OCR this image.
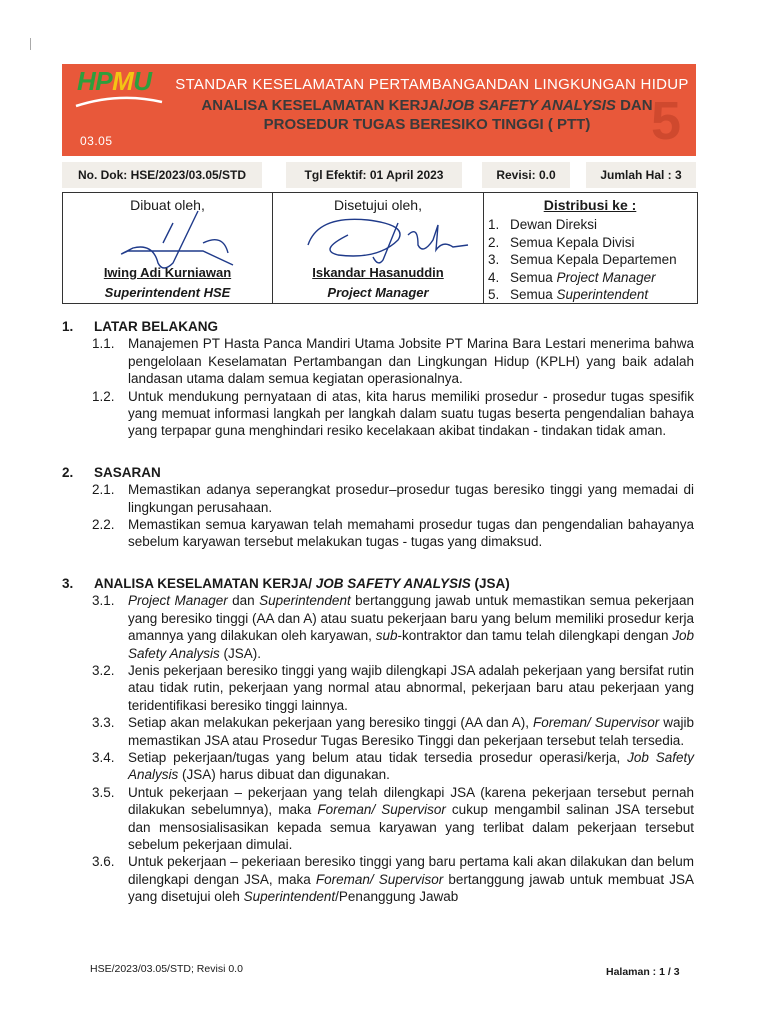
HPMU
03.05
STANDAR KESELAMATAN PERTAMBANGANDAN LINGKUNGAN HIDUP
ANALISA KESELAMATAN KERJA/JOB SAFETY ANALYSIS DAN
PROSEDUR TUGAS BERESIKO TINGGI ( PTT)	5
No. Dok: HSE/2023/03.05/STD	Tgl Efektif: 01 April 2023	Revisi: 0.0	Jumlah Hal : 3
Dibuat oleh,
Iwing Adi Kurniawan
Superintendent HSE
Disetujui oleh,
Iskandar Hasanuddin
Project Manager
Distribusi ke :
1. Dewan Direksi
2. Semua Kepala Divisi
3. Semua Kepala Departemen
4. Semua Project Manager
5. Semua Superintendent
1. LATAR BELAKANG

1.1. Manajemen PT Hasta Panca Mandiri Utama Jobsite PT Marina Bara Lestari menerima bahwa pengelolaan Keselamatan Pertambangan dan Lingkungan Hidup (KPLH) yang baik adalah landasan utama dalam semua kegiatan operasionalnya.

1.2. Untuk mendukung pernyataan di atas, kita harus memiliki prosedur - prosedur tugas spesifik yang memuat informasi langkah per langkah dalam suatu tugas beserta pengendalian bahaya yang terpapar guna menghindari resiko kecelakaan akibat tindakan - tindakan tidak aman.

2. SASARAN

2.1. Memastikan adanya seperangkat prosedur–prosedur tugas beresiko tinggi yang memadai di lingkungan perusahaan.

2.2. Memastikan semua karyawan telah memahami prosedur tugas dan pengendalian bahayanya sebelum karyawan tersebut melakukan tugas - tugas yang dimaksud.

3. ANALISA KESELAMATAN KERJA/ JOB SAFETY ANALYSIS (JSA)

3.1. Project Manager dan Superintendent bertanggung jawab untuk memastikan semua pekerjaan yang beresiko tinggi (AA dan A) atau suatu pekerjaan baru yang belum memiliki prosedur kerja amannya yang dilakukan oleh karyawan, sub-kontraktor dan tamu telah dilengkapi dengan Job Safety Analysis (JSA).

3.2. Jenis pekerjaan beresiko tinggi yang wajib dilengkapi JSA adalah pekerjaan yang bersifat rutin atau tidak rutin, pekerjaan yang normal atau abnormal, pekerjaan baru atau pekerjaan yang teridentifikasi beresiko tinggi lainnya.

3.3. Setiap akan melakukan pekerjaan yang beresiko tinggi (AA dan A), Foreman/ Supervisor wajib memastikan JSA atau Prosedur Tugas Beresiko Tinggi dan pekerjaan tersebut telah tersedia.

3.4. Setiap pekerjaan/tugas yang belum atau tidak tersedia prosedur operasi/kerja, Job Safety Analysis (JSA) harus dibuat dan digunakan.

3.5. Untuk pekerjaan – pekerjaan yang telah dilengkapi JSA (karena pekerjaan tersebut pernah dilakukan sebelumnya), maka Foreman/ Supervisor cukup mengambil salinan JSA tersebut dan mensosialisasikan kepada semua karyawan yang terlibat dalam pekerjaan tersebut sebelum pekerjaan dimulai.

3.6. Untuk pekerjaan – pekeriaan beresiko tinggi yang baru pertama kali akan dilakukan dan belum dilengkapi dengan JSA, maka Foreman/ Supervisor bertanggung jawab untuk membuat JSA yang disetujui oleh Superintendent/Penanggung Jawab

HSE/2023/03.05/STD; Revisi 0.0	Halaman : 1 / 3
